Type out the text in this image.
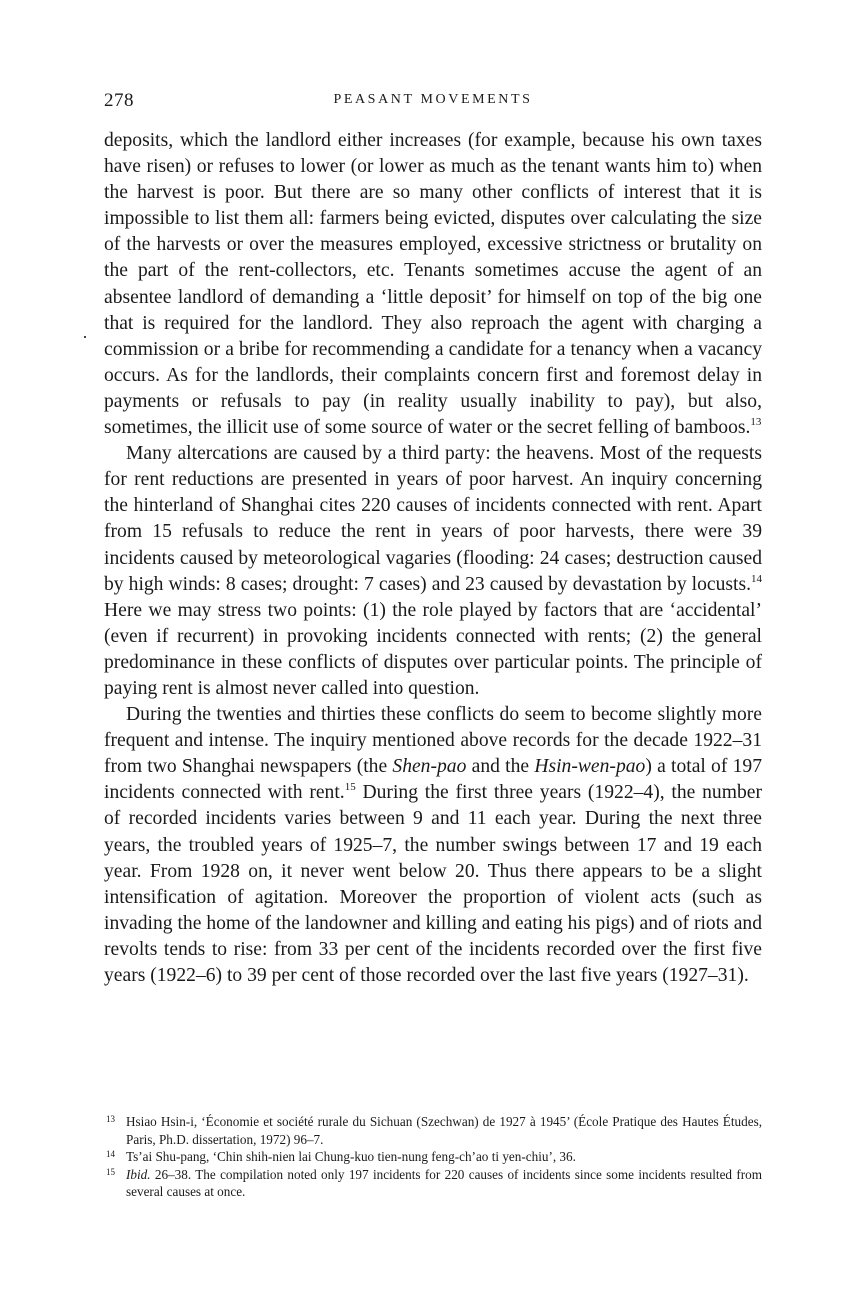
278	PEASANT MOVEMENTS

deposits, which the landlord either increases (for example, because his own taxes have risen) or refuses to lower (or lower as much as the tenant wants him to) when the harvest is poor. But there are so many other conflicts of interest that it is impossible to list them all: farmers being evicted, disputes over calculating the size of the harvests or over the measures employed, excessive strictness or brutality on the part of the rent-collectors, etc. Tenants sometimes accuse the agent of an absentee landlord of demanding a ‘little deposit’ for himself on top of the big one that is required for the landlord. They also reproach the agent with charging a commission or a bribe for recommending a candidate for a tenancy when a vacancy occurs. As for the landlords, their complaints concern first and foremost delay in payments or refusals to pay (in reality usually inability to pay), but also, sometimes, the illicit use of some source of water or the secret felling of bamboos.$^{13}$

Many altercations are caused by a third party: the heavens. Most of the requests for rent reductions are presented in years of poor harvest. An inquiry concerning the hinterland of Shanghai cites 220 causes of incidents connected with rent. Apart from 15 refusals to reduce the rent in years of poor harvests, there were 39 incidents caused by meteorological vagaries (flooding: 24 cases; destruction caused by high winds: 8 cases; drought: 7 cases) and 23 caused by devastation by locusts.$^{14}$ Here we may stress two points: (1) the role played by factors that are ‘accidental’ (even if recurrent) in provoking incidents connected with rents; (2) the general predominance in these conflicts of disputes over particular points. The principle of paying rent is almost never called into question.

During the twenties and thirties these conflicts do seem to become slightly more frequent and intense. The inquiry mentioned above records for the decade 1922–31 from two Shanghai newspapers (the Shen-pao and the Hsin-wen-pao) a total of 197 incidents connected with rent.$^{15}$ During the first three years (1922–4), the number of recorded incidents varies between 9 and 11 each year. During the next three years, the troubled years of 1925–7, the number swings between 17 and 19 each year. From 1928 on, it never went below 20. Thus there appears to be a slight intensification of agitation. Moreover the proportion of violent acts (such as invading the home of the landowner and killing and eating his pigs) and of riots and revolts tends to rise: from 33 per cent of the incidents recorded over the first five years (1922–6) to 39 per cent of those recorded over the last five years (1927–31).

13 Hsiao Hsin-i, ‘Économie et société rurale du Sichuan (Szechwan) de 1927 à 1945’ (École Pratique des Hautes Études, Paris, Ph.D. dissertation, 1972) 96–7.
14 Ts’ai Shu-pang, ‘Chin shih-nien lai Chung-kuo tien-nung feng-ch’ao ti yen-chiu’, 36.
15 Ibid. 26–38. The compilation noted only 197 incidents for 220 causes of incidents since some incidents resulted from several causes at once.
